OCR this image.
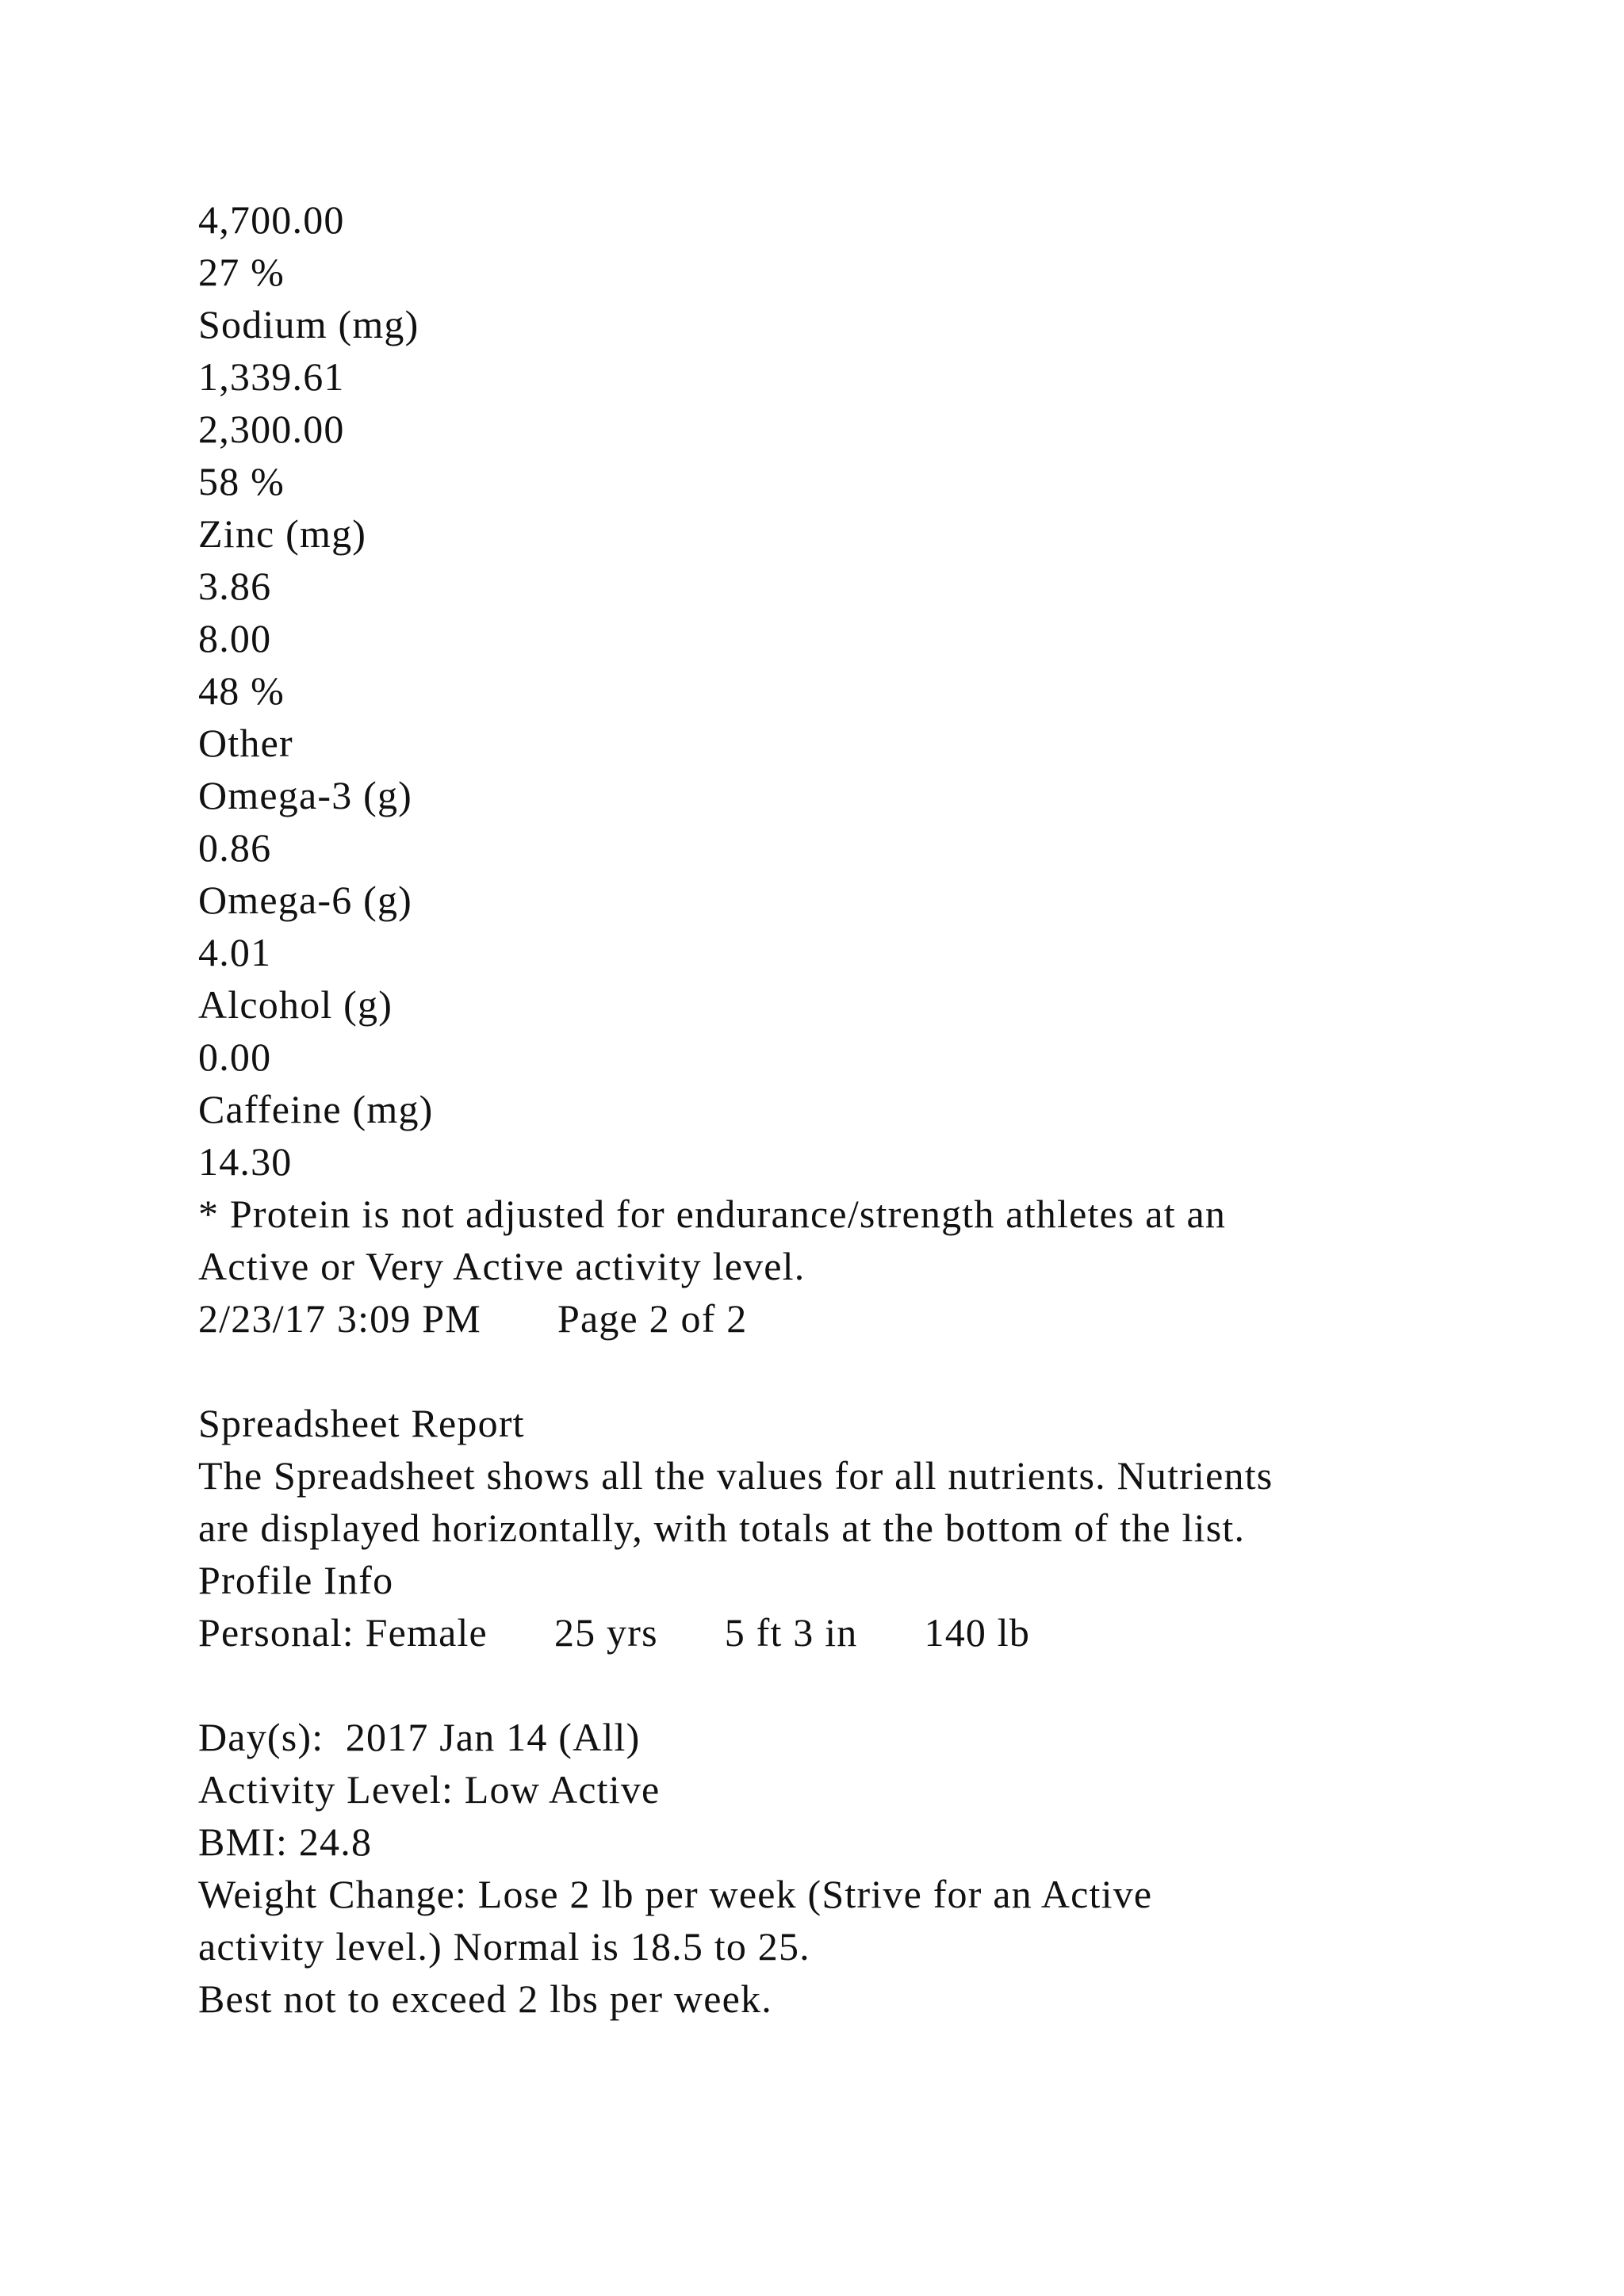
4,700.00
27 %
Sodium (mg)
1,339.61
2,300.00
58 %
Zinc (mg)
3.86
8.00
48 %
Other
Omega-3 (g)
0.86
Omega-6 (g)
4.01
Alcohol (g)
0.00
Caffeine (mg)
14.30
* Protein is not adjusted for endurance/strength athletes at an
Active or Very Active activity level.
2/23/17 3:09 PM Page 2 of 2
Spreadsheet Report
The Spreadsheet shows all the values for all nutrients. Nutrients
are displayed horizontally, with totals at the bottom of the list.
Profile Info
Personal: Female 25 yrs 5 ft 3 in 140 lb
Day(s):  2017 Jan 14 (All)
Activity Level: Low Active
BMI: 24.8
Weight Change: Lose 2 lb per week (Strive for an Active
activity level.) Normal is 18.5 to 25.
Best not to exceed 2 lbs per week.
